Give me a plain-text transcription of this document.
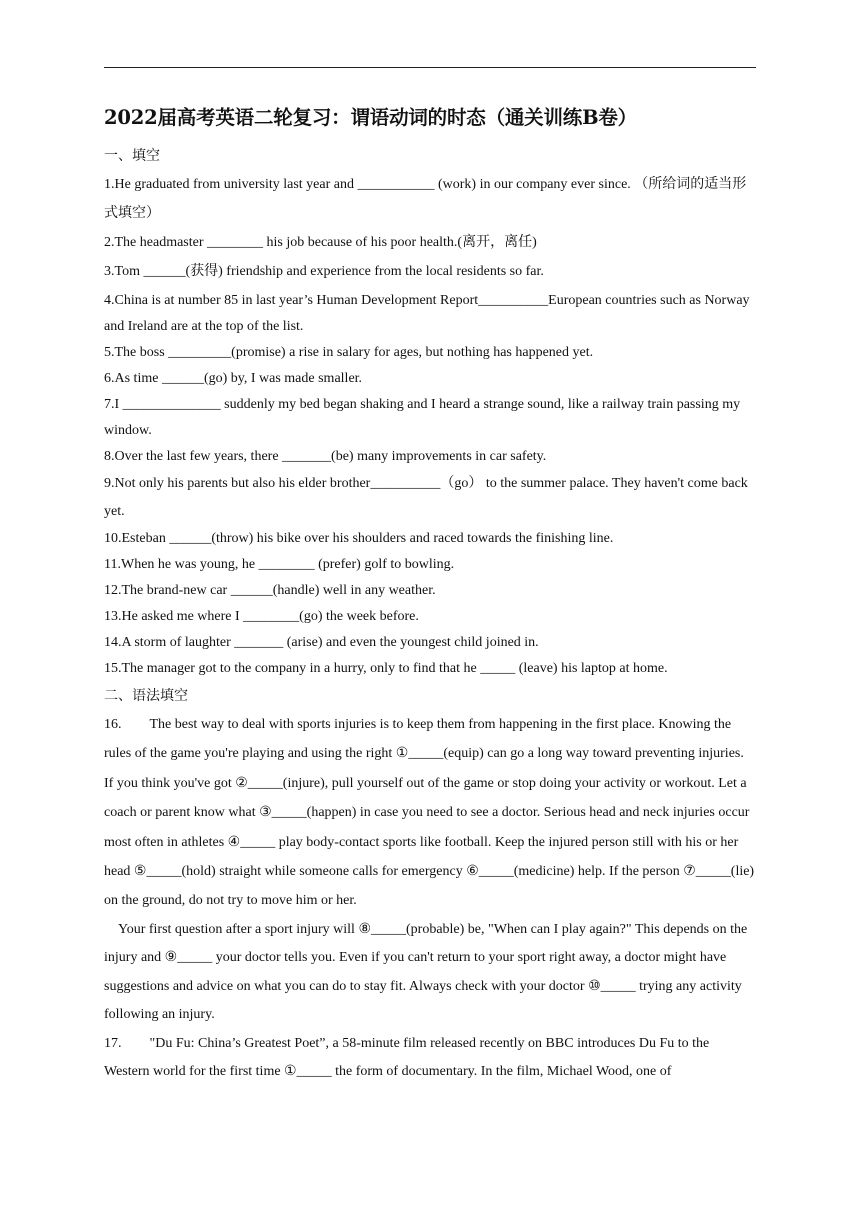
2022届高考英语二轮复习：谓语动词的时态（通关训练B卷）

一、填空

1.He graduated from university last year and ___________ (work) in our company ever since. （所给词的适当形式填空）

2.The headmaster ________ his job because of his poor health.(离开，离任)

3.Tom ______(获得) friendship and experience from the local residents so far.

4.China is at number 85 in last year’s Human Development Report__________European countries such as Norway and Ireland are at the top of the list.

5.The boss _________(promise) a rise in salary for ages, but nothing has happened yet.

6.As time ______(go) by, I was made smaller.

7.I ______________ suddenly my bed began shaking and I heard a strange sound, like a railway train passing my window.

8.Over the last few years, there _______(be) many improvements in car safety.

9.Not only his parents but also his elder brother__________（go） to the summer palace. They haven't come back yet.

10.Esteban ______(throw) his bike over his shoulders and raced towards the finishing line.

11.When he was young, he ________ (prefer) golf to bowling.

12.The brand-new car ______(handle) well in any weather.

13.He asked me where I ________(go) the week before.

14.A storm of laughter _______ (arise) and even the youngest child joined in.

15.The manager got to the company in a hurry, only to find that he _____ (leave) his laptop at home.

二、语法填空

16.  The best way to deal with sports injuries is to keep them from happening in the first place. Knowing the rules of the game you're playing and using the right ①_____(equip) can go a long way toward preventing injuries. If you think you've got ②_____(injure), pull yourself out of the game or stop doing your activity or workout. Let a coach or parent know what ③_____(happen) in case you need to see a doctor. Serious head and neck injuries occur most often in athletes ④_____ play body-contact sports like football. Keep the injured person still with his or her head ⑤_____(hold) straight while someone calls for emergency ⑥_____(medicine) help. If the person ⑦_____(lie) on the ground, do not try to move him or her.

Your first question after a sport injury will ⑧_____(probable) be, "When can I play again?" This depends on the injury and ⑨_____ your doctor tells you. Even if you can't return to your sport right away, a doctor might have suggestions and advice on what you can do to stay fit. Always check with your doctor ⑩_____ trying any activity following an injury.

17.  "Du Fu: China’s Greatest Poet”, a 58-minute film released recently on BBC introduces Du Fu to the Western world for the first time ①_____ the form of documentary. In the film, Michael Wood, one of
